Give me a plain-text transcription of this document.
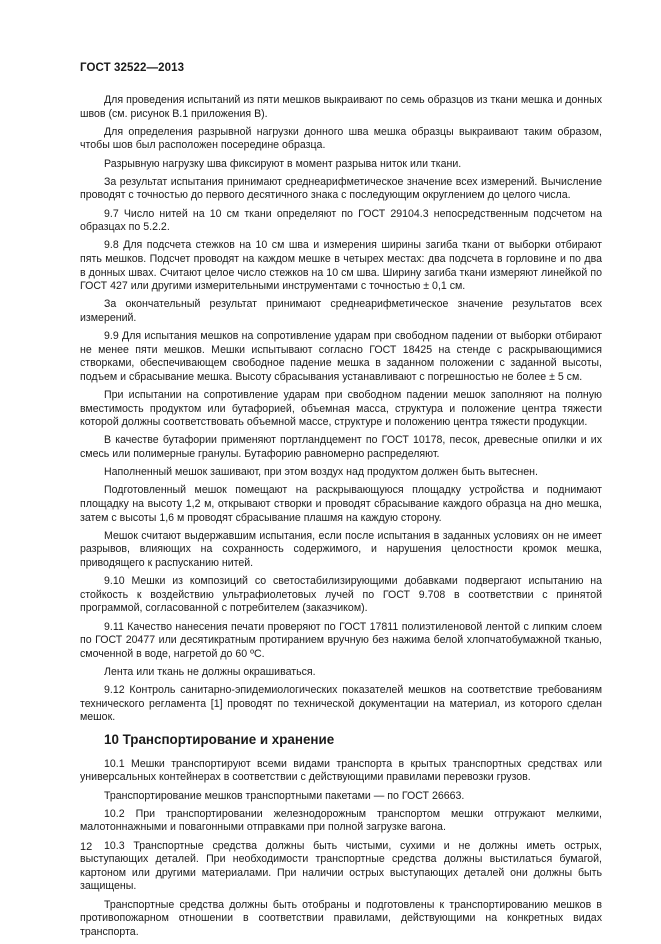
ГОСТ 32522—2013

Для проведения испытаний из пяти мешков выкраивают по семь образцов из ткани мешка и донных швов (см. рисунок В.1 приложения В).

Для определения разрывной нагрузки донного шва мешка образцы выкраивают таким образом, чтобы шов был расположен посередине образца.

Разрывную нагрузку шва фиксируют в момент разрыва ниток или ткани.

За результат испытания принимают среднеарифметическое значение всех измерений. Вычисление проводят с точностью до первого десятичного знака с последующим округлением до целого числа.

9.7 Число нитей на 10 см ткани определяют по ГОСТ 29104.3 непосредственным подсчетом на образцах по 5.2.2.

9.8 Для подсчета стежков на 10 см шва и измерения ширины загиба ткани от выборки отбирают пять мешков. Подсчет проводят на каждом мешке в четырех местах: два подсчета в горловине и по два в донных швах. Считают целое число стежков на 10 см шва. Ширину загиба ткани измеряют линейкой по ГОСТ 427 или другими измерительными инструментами с точностью ± 0,1 см.

За окончательный результат принимают среднеарифметическое значение результатов всех измерений.

9.9 Для испытания мешков на сопротивление ударам при свободном падении от выборки отбирают не менее пяти мешков. Мешки испытывают согласно ГОСТ 18425 на стенде с раскрывающимися створками, обеспечивающем свободное падение мешка в заданном положении с заданной высоты, подъем и сбрасывание мешка. Высоту сбрасывания устанавливают с погрешностью не более ± 5 см.

При испытании на сопротивление ударам при свободном падении мешок заполняют на полную вместимость продуктом или бутафорией, объемная масса, структура и положение центра тяжести которой должны соответствовать объемной массе, структуре и положению центра тяжести продукции.

В качестве бутафории применяют портландцемент по ГОСТ 10178, песок, древесные опилки и их смесь или полимерные гранулы. Бутафорию равномерно распределяют.

Наполненный мешок зашивают, при этом воздух над продуктом должен быть вытеснен.

Подготовленный мешок помещают на раскрывающуюся площадку устройства и поднимают площадку на высоту 1,2 м, открывают створки и проводят сбрасывание каждого образца на дно мешка, затем с высоты 1,6 м проводят сбрасывание плашмя на каждую сторону.

Мешок считают выдержавшим испытания, если после испытания в заданных условиях он не имеет разрывов, влияющих на сохранность содержимого, и нарушения целостности кромок мешка, приводящего к распусканию нитей.

9.10 Мешки из композиций со светостабилизирующими добавками подвергают испытанию на стойкость к воздействию ультрафиолетовых лучей по ГОСТ 9.708 в соответствии с принятой программой, согласованной с потребителем (заказчиком).

9.11 Качество нанесения печати проверяют по ГОСТ 17811 полиэтиленовой лентой с липким слоем по ГОСТ 20477 или десятикратным протиранием вручную без нажима белой хлопчатобумажной тканью, смоченной в воде, нагретой до 60 ºС.

Лента или ткань не должны окрашиваться.

9.12 Контроль санитарно-эпидемиологических показателей мешков на соответствие требованиям технического регламента [1] проводят по технической документации на материал, из которого сделан мешок.

10 Транспортирование и хранение

10.1 Мешки транспортируют всеми видами транспорта в крытых транспортных средствах или универсальных контейнерах в соответствии с действующими правилами перевозки грузов.

Транспортирование мешков транспортными пакетами — по ГОСТ 26663.

10.2 При транспортировании железнодорожным транспортом мешки отгружают мелкими, малотоннажными и повагонными отправками при полной загрузке вагона.

10.3 Транспортные средства должны быть чистыми, сухими и не должны иметь острых, выступающих деталей. При необходимости транспортные средства должны выстилаться бумагой, картоном или другими материалами. При наличии острых выступающих деталей они должны быть защищены.

Транспортные средства должны быть отобраны и подготовлены к транспортированию мешков в противопожарном отношении в соответствии правилами, действующими на конкретных видах транспорта.

12
